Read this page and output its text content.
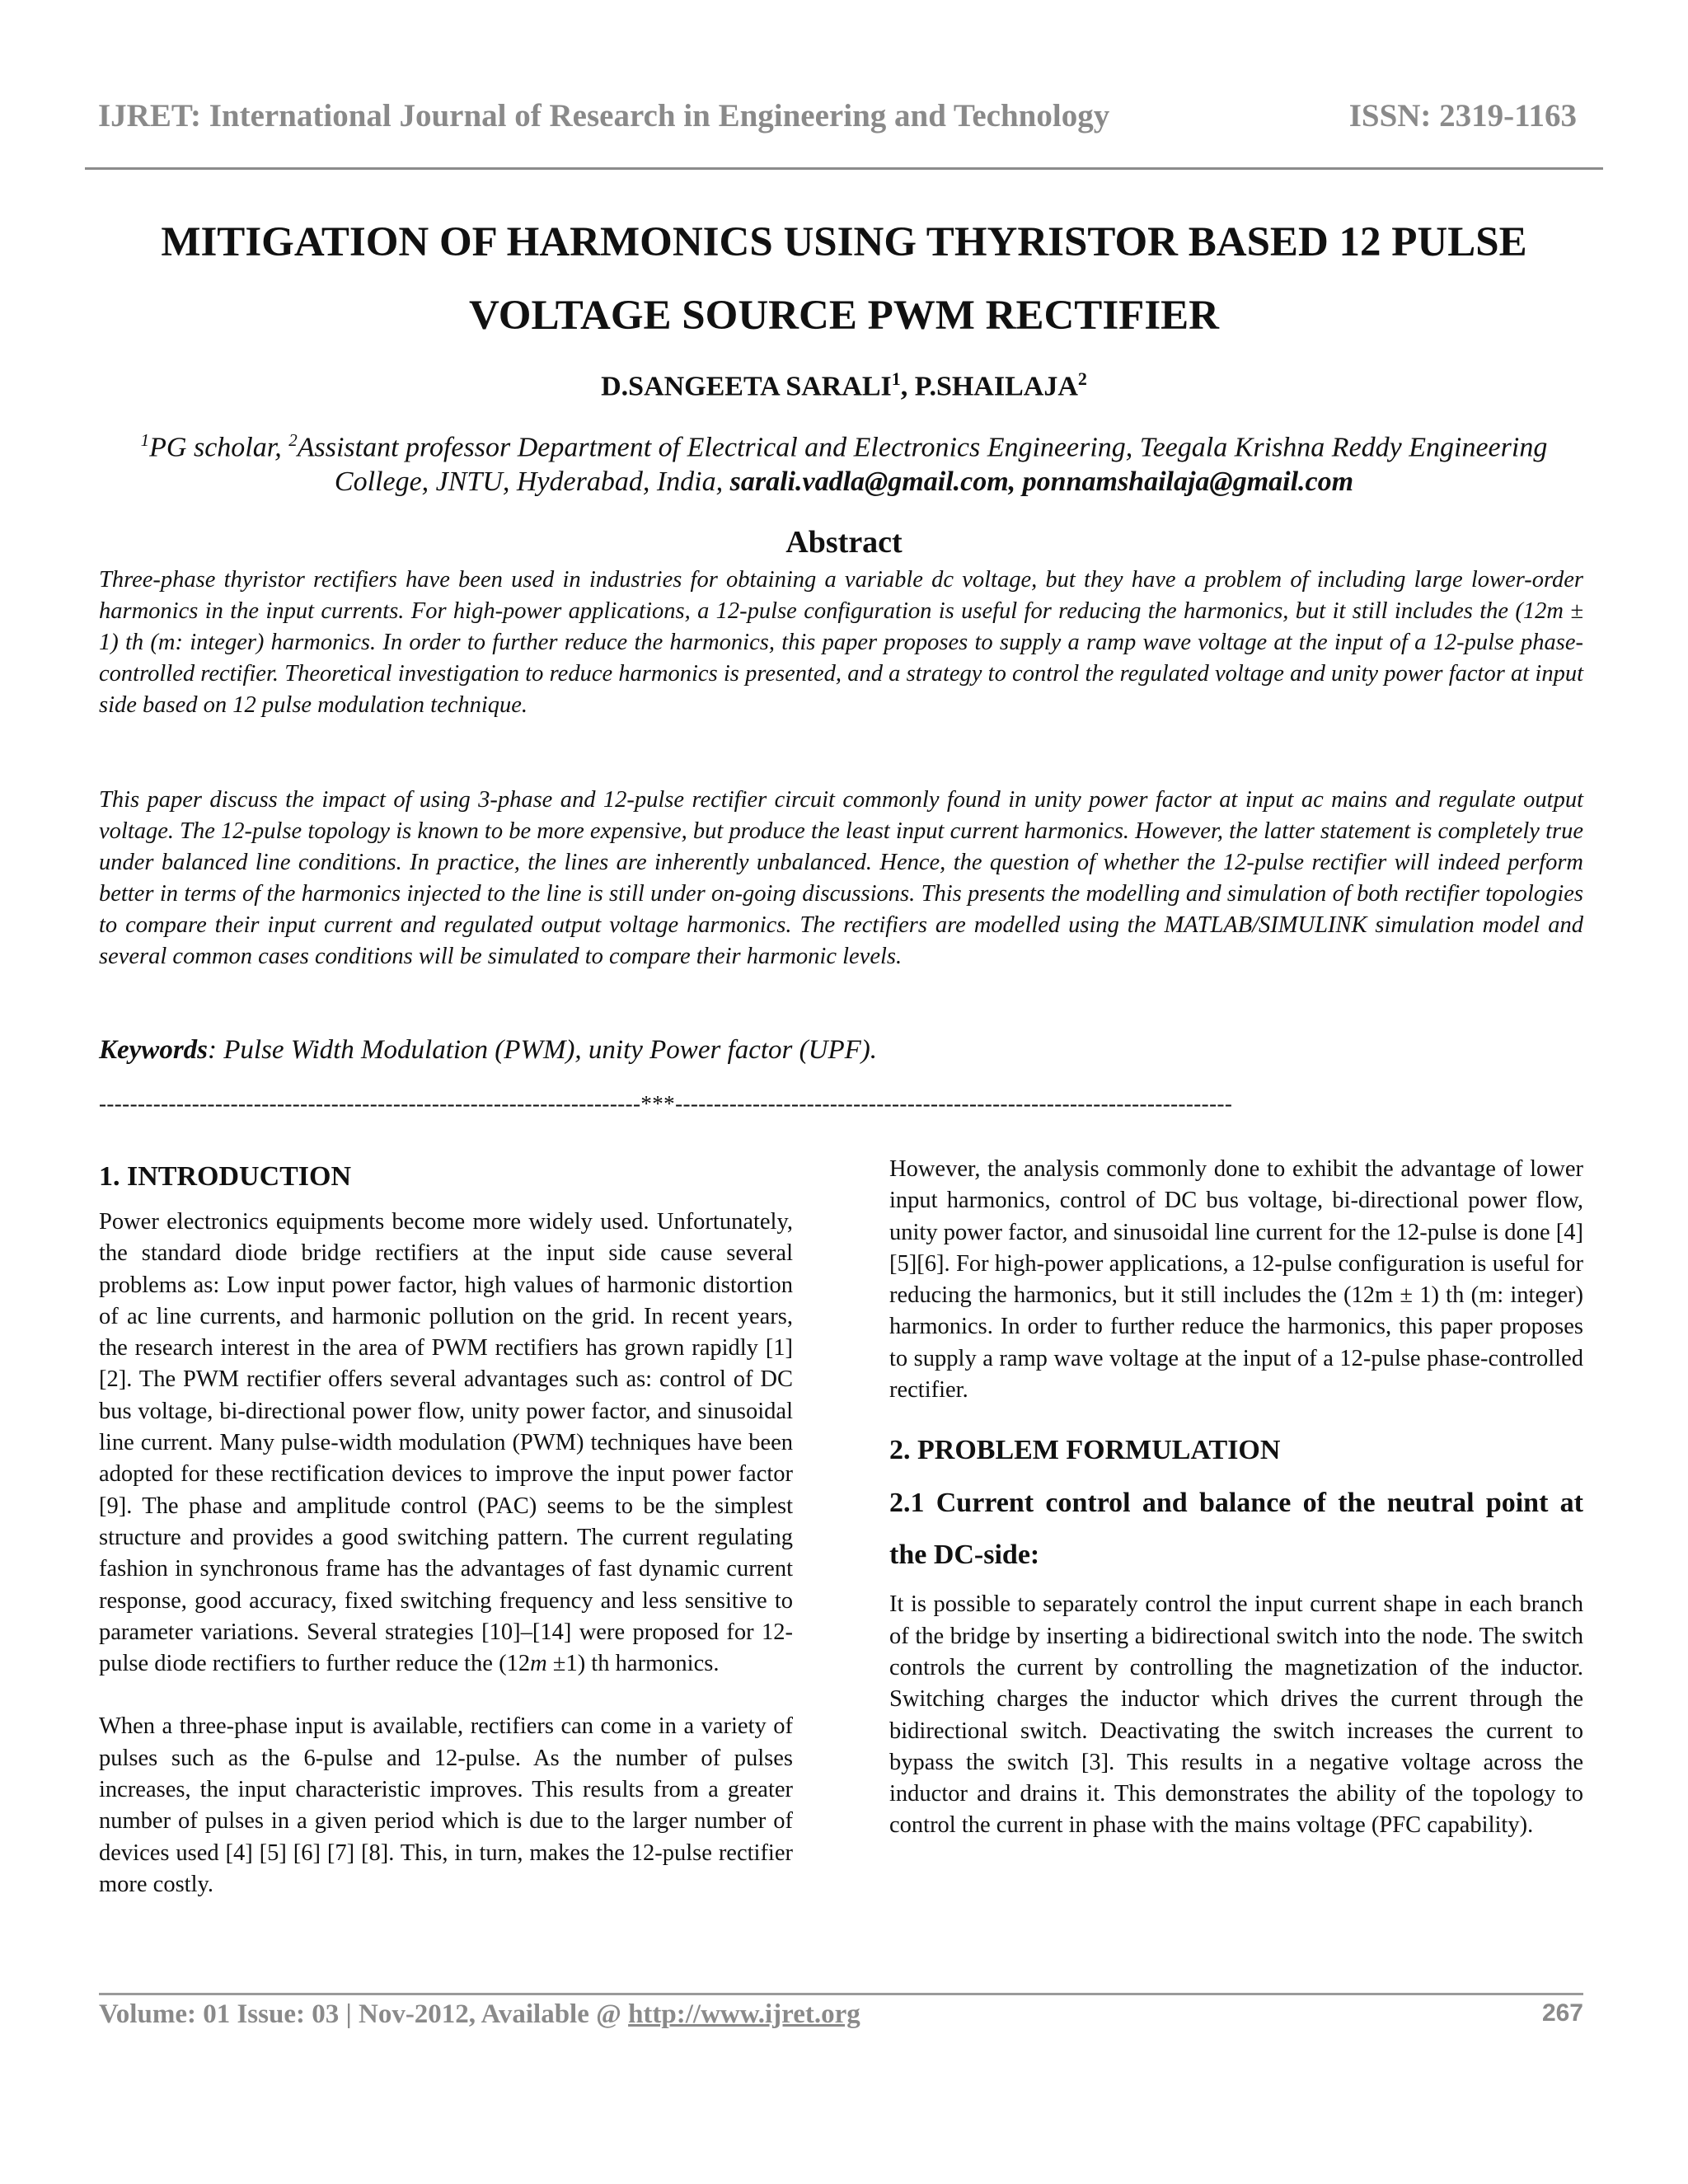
IJRET: International Journal of Research in Engineering and Technology	ISSN: 2319-1163
MITIGATION OF HARMONICS USING THYRISTOR BASED 12 PULSE VOLTAGE SOURCE PWM RECTIFIER
D.SANGEETA SARALI$^1$, P.SHAILAJA$^2$
$^1$PG scholar, $^2$Assistant professor Department of Electrical and Electronics Engineering, Teegala Krishna Reddy Engineering College, JNTU, Hyderabad, India, sarali.vadla@gmail.com, ponnamshailaja@gmail.com
Abstract

Three-phase thyristor rectifiers have been used in industries for obtaining a variable dc voltage, but they have a problem of including large lower-order harmonics in the input currents. For high-power applications, a 12-pulse configuration is useful for reducing the harmonics, but it still includes the (12m ± 1) th (m: integer) harmonics. In order to further reduce the harmonics, this paper proposes to supply a ramp wave voltage at the input of a 12-pulse phase-controlled rectifier. Theoretical investigation to reduce harmonics is presented, and a strategy to control the regulated voltage and unity power factor at input side based on 12 pulse modulation technique.

This paper discuss the impact of using 3-phase and 12-pulse rectifier circuit commonly found in unity power factor at input ac mains and regulate output voltage. The 12-pulse topology is known to be more expensive, but produce the least input current harmonics. However, the latter statement is completely true under balanced line conditions. In practice, the lines are inherently unbalanced. Hence, the question of whether the 12-pulse rectifier will indeed perform better in terms of the harmonics injected to the line is still under on-going discussions. This presents the modelling and simulation of both rectifier topologies to compare their input current and regulated output voltage harmonics. The rectifiers are modelled using the MATLAB/SIMULINK simulation model and several common cases conditions will be simulated to compare their harmonic levels.

Keywords: Pulse Width Modulation (PWM), unity Power factor (UPF).
----------------------------------------------------------------------***------------------------------------------------------------------------

1. INTRODUCTION

Power electronics equipments become more widely used. Unfortunately, the standard diode bridge rectifiers at the input side cause several problems as: Low input power factor, high values of harmonic distortion of ac line currents, and harmonic pollution on the grid. In recent years, the research interest in the area of PWM rectifiers has grown rapidly [1] [2]. The PWM rectifier offers several advantages such as: control of DC bus voltage, bi-directional power flow, unity power factor, and sinusoidal line current. Many pulse-width modulation (PWM) techniques have been adopted for these rectification devices to improve the input power factor [9]. The phase and amplitude control (PAC) seems to be the simplest structure and provides a good switching pattern. The current regulating fashion in synchronous frame has the advantages of fast dynamic current response, good accuracy, fixed switching frequency and less sensitive to parameter variations. Several strategies [10]–[14] were proposed for 12-pulse diode rectifiers to further reduce the (12m ±1) th harmonics.

When a three-phase input is available, rectifiers can come in a variety of pulses such as the 6-pulse and 12-pulse. As the number of pulses increases, the input characteristic improves. This results from a greater number of pulses in a given period which is due to the larger number of devices used [4] [5] [6] [7] [8]. This, in turn, makes the 12-pulse rectifier more costly.

However, the analysis commonly done to exhibit the advantage of lower input harmonics, control of DC bus voltage, bi-directional power flow, unity power factor, and sinusoidal line current for the 12-pulse is done [4][5][6]. For high-power applications, a 12-pulse configuration is useful for reducing the harmonics, but it still includes the (12m ± 1) th (m: integer) harmonics. In order to further reduce the harmonics, this paper proposes to supply a ramp wave voltage at the input of a 12-pulse phase-controlled rectifier.

2. PROBLEM FORMULATION

2.1 Current control and balance of the neutral point at the DC-side:

It is possible to separately control the input current shape in each branch of the bridge by inserting a bidirectional switch into the node. The switch controls the current by controlling the magnetization of the inductor. Switching charges the inductor which drives the current through the bidirectional switch. Deactivating the switch increases the current to bypass the switch [3]. This results in a negative voltage across the inductor and drains it. This demonstrates the ability of the topology to control the current in phase with the mains voltage (PFC capability).

Volume: 01 Issue: 03 | Nov-2012, Available @ http://www.ijret.org	267
